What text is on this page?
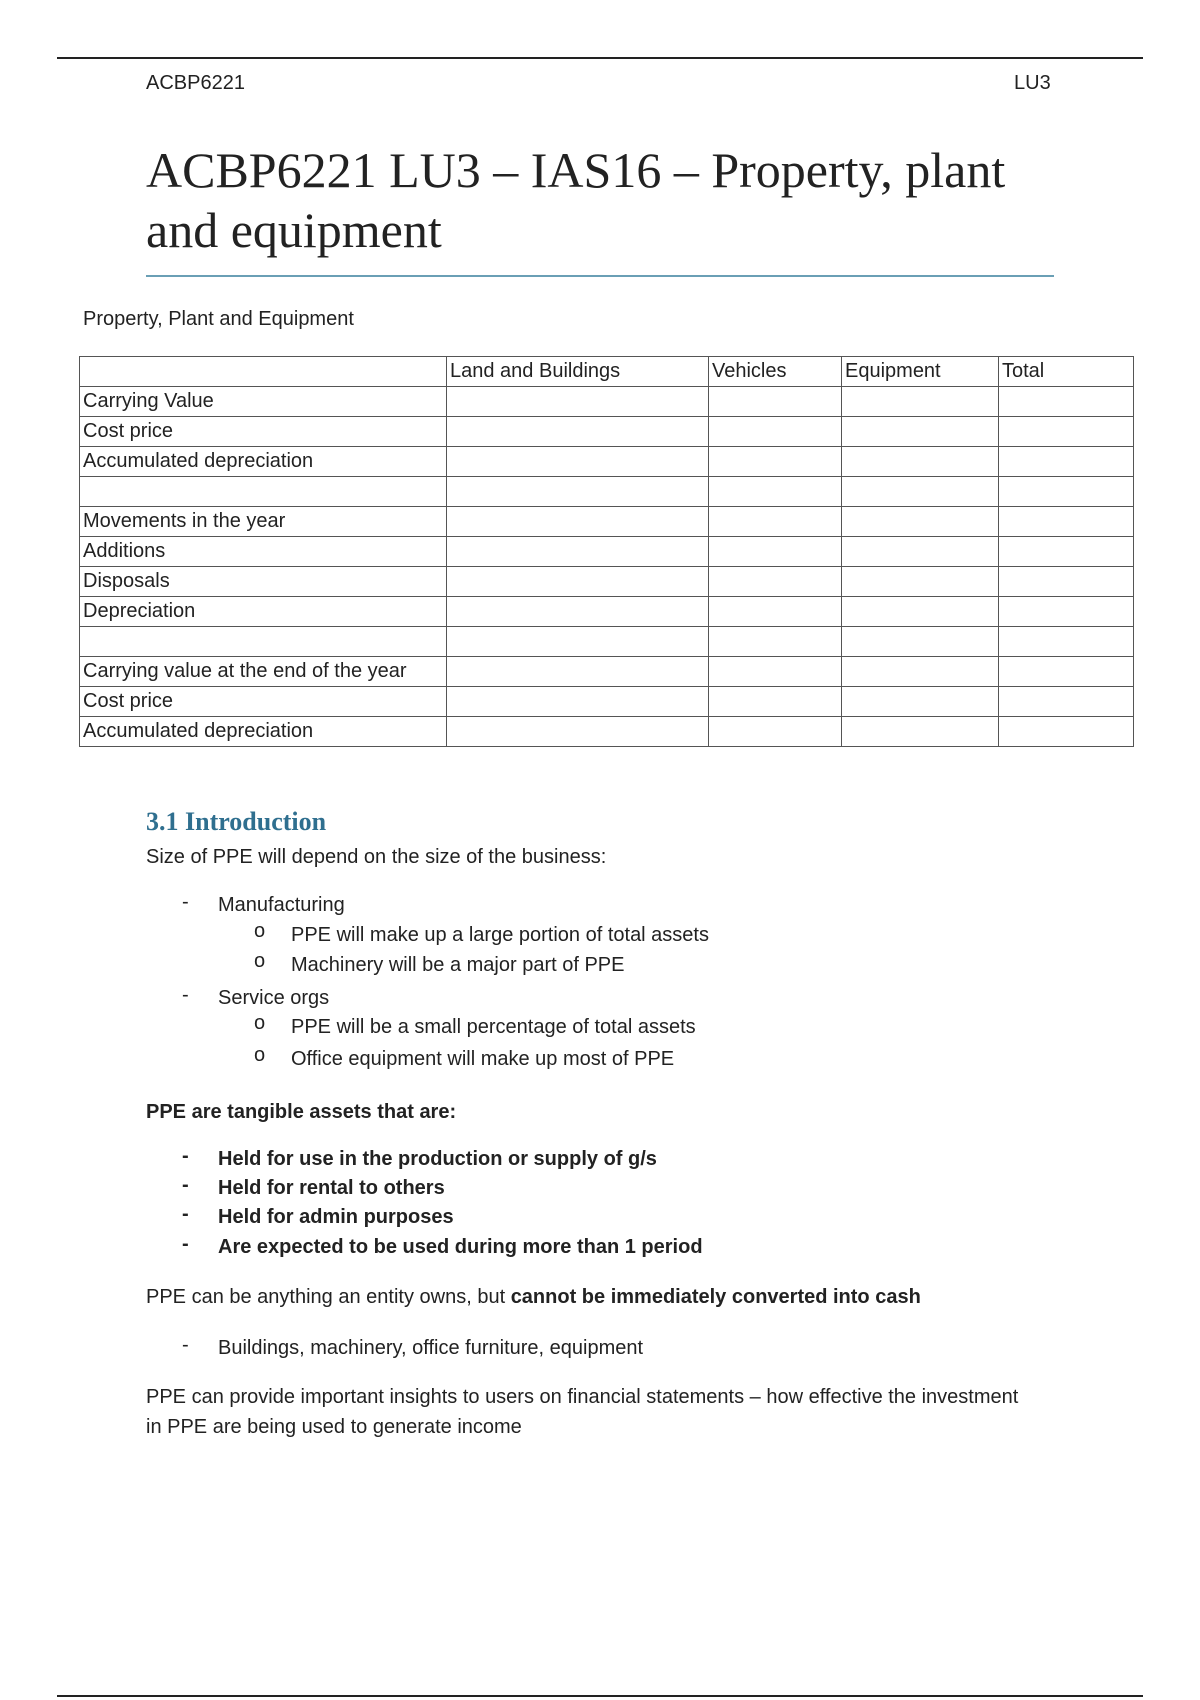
ACBP6221	LU3
ACBP6221 LU3 – IAS16 – Property, plant and equipment
Property, Plant and Equipment
	Land and Buildings	Vehicles	Equipment	Total
Carrying Value				
Cost price				
Accumulated depreciation				

Movements in the year				
Additions				
Disposals				
Depreciation				

Carrying value at the end of the year				
Cost price				
Accumulated depreciation				
3.1 Introduction

Size of PPE will depend on the size of the business:

- Manufacturing
o PPE will make up a large portion of total assets
o Machinery will be a major part of PPE
- Service orgs
o PPE will be a small percentage of total assets
o Office equipment will make up most of PPE

PPE are tangible assets that are:

- Held for use in the production or supply of g/s
- Held for rental to others
- Held for admin purposes
- Are expected to be used during more than 1 period

PPE can be anything an entity owns, but cannot be immediately converted into cash

- Buildings, machinery, office furniture, equipment

PPE can provide important insights to users on financial statements – how effective the investment in PPE are being used to generate income
